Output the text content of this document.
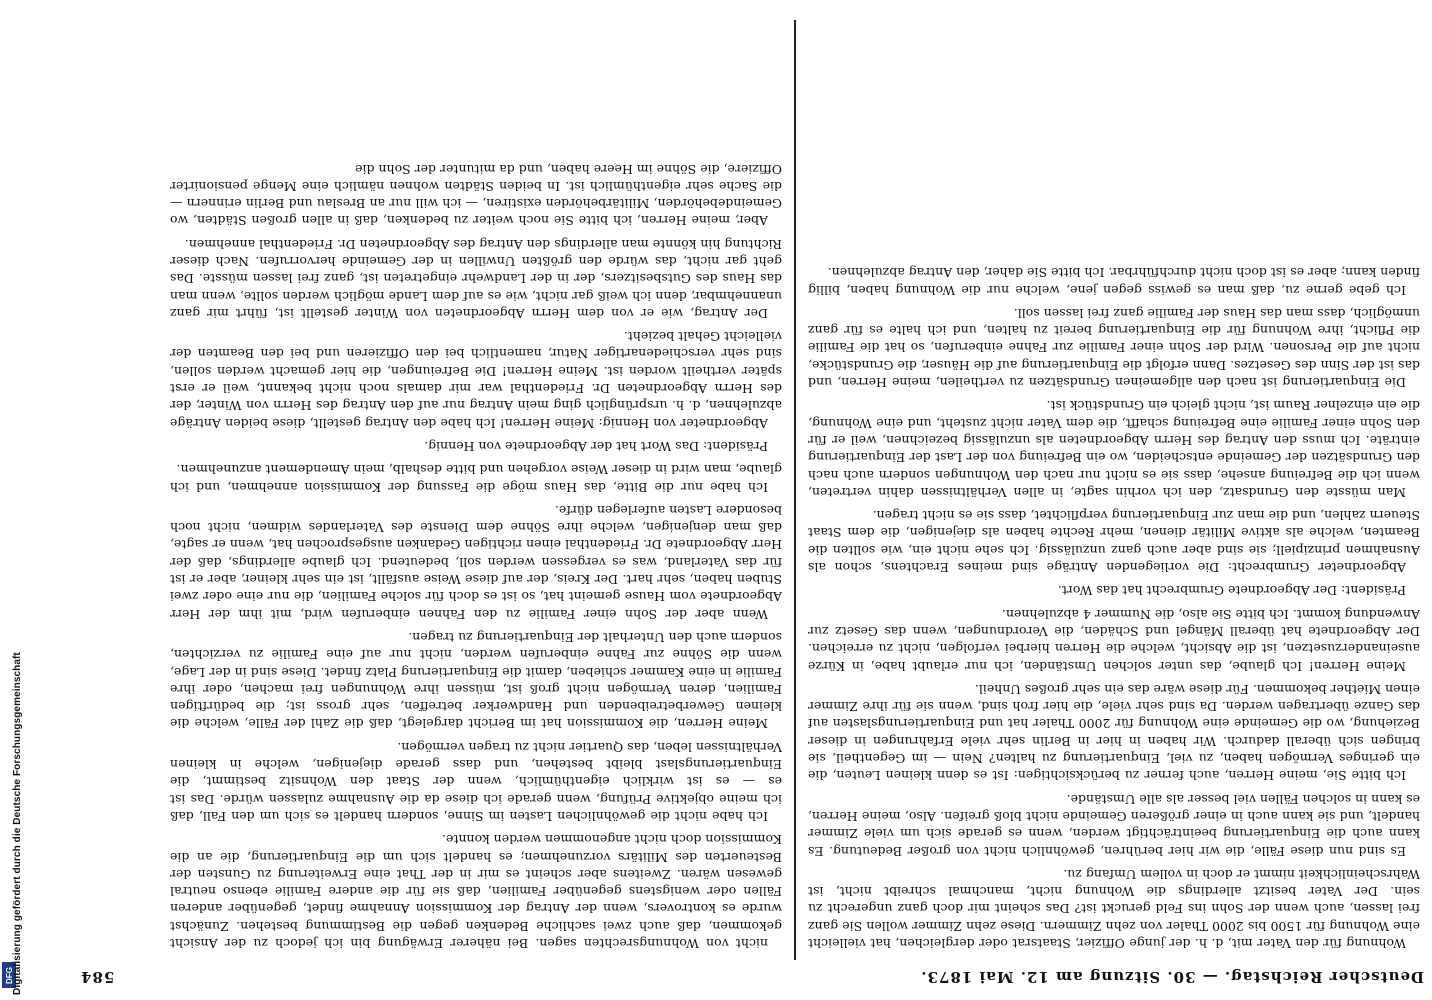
DFG
Digitalisierung gefördert durch die Deutsche Forschungsgemeinschaft	584	Deutscher Reichstag. — 30. Sitzung am 12. Mai 1873.

Wohnung für den Vater mit, d. h. der junge Offizier, Staatsrat oder dergleichen, hat vielleicht eine Wohnung für 1500 bis 2000 Thaler von zehn Zimmern. Diese zehn Zimmer wollen Sie ganz frei lassen, auch wenn der Sohn ins Feld geruckt ist? Das scheint mir doch ganz ungerecht zu sein. Der Vater besitzt allerdings die Wohnung nicht, manchmal schreibt nicht, ist Wahrscheinlichkeit nimmt er doch in vollem Umfang zu.

Es sind nun diese Fälle, die wir hier berühren, gewöhnlich nicht von großer Bedeutung. Es kann auch die Einquartierung beeinträchtigt werden, wenn es gerade sich um viele Zimmer handelt, und sie kann auch in einer größeren Gemeinde nicht bloß greifen. Also, meine Herren, es kann in solchen Fällen viel besser als alle Umstände.

Ich bitte Sie, meine Herren, auch ferner zu berücksichtigen: Ist es denn kleinen Leuten, die ein geringes Vermögen haben, zu viel, Einquartierung zu halten? Nein — im Gegentheil, sie bringen sich überall dadurch. Wir haben in hier in Berlin sehr viele Erfahrungen in dieser Beziehung, wo die Gemeinde eine Wohnung für 2000 Thaler hat und Einquartierungslasten auf das Ganze übertragen werden. Da sind sehr viele, die hier froh sind, wenn sie für ihre Zimmer einen Miether bekommen. Für diese wäre das ein sehr großes Unheil.

Meine Herren! Ich glaube, das unter solchen Umständen, ich nur erlaubt habe, in Kürze auseinanderzusetzen, ist die Absicht, welche die Herren hierbei verfolgen, nicht zu erreichen. Der Abgeordnete hat überall Mängel und Schäden, die Verordnungen, wenn das Gesetz zur Anwendung kommt. Ich bitte Sie also, die Nummer 4 abzulehnen.

Präsident: Der Abgeordnete Grumbrecht hat das Wort.

Abgeordneter Grumbrecht: Die vorliegenden Anträge sind meines Erachtens, schon als Ausnahmen prinzipiell; sie sind aber auch ganz unzulässig. Ich sehe nicht ein, wie sollten die Beamten, welche als aktive Militär dienen, mehr Rechte haben als diejenigen, die dem Staat Steuern zahlen, und die man zur Einquartierung verpflichtet, dass sie es nicht tragen.

Man müsste den Grundsatz, den ich vorhin sagte, in allen Verhältnissen dahin vertreten, wenn ich die Befreiung ansehe, dass sie es nicht nur nach den Wohnungen sondern auch nach den Grundsätzen der Gemeinde entscheiden, wo ein Befreiung von der Last der Einquartierung einträte. Ich muss den Antrag des Herrn Abgeordneten als unzulässig bezeichnen, weil er für den Sohn einer Familie eine Befreiung schafft, die dem Vater nicht zusteht, und eine Wohnung, die ein einzelner Raum ist, nicht gleich ein Grundstück ist.

Die Einquartierung ist nach den allgemeinen Grundsätzen zu vertheilen, meine Herren, und das ist der Sinn des Gesetzes. Dann erfolgt die Einquartierung auf die Häuser, die Grundstücke, nicht auf die Personen. Wird der Sohn einer Familie zur Fahne einberufen, so hat die Familie die Pflicht, ihre Wohnung für die Einquartierung bereit zu halten, und ich halte es für ganz unmöglich, dass man das Haus der Familie ganz frei lassen soll.

Ich gebe gerne zu, daß man es gewiss gegen jene, welche nur die Wohnung haben, billig finden kann; aber es ist doch nicht durchführbar. Ich bitte Sie daher, den Antrag abzulehnen.

nicht von Wohnungsrechten sagen. Bei näherer Erwägung bin ich jedoch zu der Ansicht gekommen, daß auch zwei sachliche Bedenken gegen die Bestimmung bestehen. Zunächst wurde es kontrovers, wenn der Antrag der Kommission Annahme findet, gegenüber anderen Fällen oder wenigstens gegenüber Familien, daß sie für die andere Familie ebenso neutral gewesen wären. Zweitens aber scheint es mir in der That eine Erweiterung zu Gunsten der Besteuerten des Militärs vorzunehmen; es handelt sich um die Einquartierung, die an die Kommission doch nicht angenommen werden konnte.

Ich habe nicht die gewöhnlichen Lasten im Sinne, sondern handelt es sich um den Fall, daß ich meine objektive Prüfung, wenn gerade ich diese da die Ausnahme zulassen würde. Das ist es — es ist wirklich eigenthümlich, wenn der Staat den Wohnsitz bestimmt, die Einquartierungslast bleibt bestehen, und dass gerade diejenigen, welche in kleinen Verhältnissen leben, das Quartier nicht zu tragen vermögen.

Meine Herren, die Kommission hat im Bericht dargelegt, daß die Zahl der Fälle, welche die kleinen Gewerbetreibenden und Handwerker betreffen, sehr gross ist; die bedürftigen Familien, deren Vermögen nicht groß ist, müssen ihre Wohnungen frei machen, oder ihre Familie in eine Kammer schieben, damit die Einquartierung Platz findet. Diese sind in der Lage, wenn die Söhne zur Fahne einberufen werden, nicht nur auf eine Familie zu verzichten, sondern auch den Unterhalt der Einquartierung zu tragen.

Wenn aber der Sohn einer Familie zu den Fahnen einberufen wird, mit ihm der Herr Abgeordnete vom Hause gemeint hat, so ist es doch für solche Familien, die nur eine oder zwei Stuben haben, sehr hart. Der Kreis, der auf diese Weise ausfällt, ist ein sehr kleiner, aber er ist für das Vaterland, was es vergessen werden soll, bedeutend. Ich glaube allerdings, daß der Herr Abgeordnete Dr. Friedenthal einen richtigen Gedanken ausgesprochen hat, wenn er sagte, daß man denjenigen, welche ihre Söhne dem Dienste des Vaterlandes widmen, nicht noch besondere Lasten auferlegen dürfe.

Ich habe nur die Bitte, das Haus möge die Fassung der Kommission annehmen, und ich glaube, man wird in dieser Weise vorgehen und bitte deshalb, mein Amendement anzunehmen.

Präsident: Das Wort hat der Abgeordnete von Hennig.

Abgeordneter von Hennig: Meine Herren! Ich habe den Antrag gestellt, diese beiden Anträge abzulehnen, d. h. ursprünglich ging mein Antrag nur auf den Antrag des Herrn von Winter, der des Herrn Abgeordneten Dr. Friedenthal war mir damals noch nicht bekannt, weil er erst später vertheilt worden ist. Meine Herren! Die Befreiungen, die hier gemacht werden sollen, sind sehr verschiedenartiger Natur, namentlich bei den Offizieren und bei den Beamten der vielleicht Gehalt bezieht.

Der Antrag, wie er von dem Herrn Abgeordneten von Winter gestellt ist, führt mir ganz unannehmbar, denn ich weiß gar nicht, wie es auf dem Lande möglich werden sollte, wenn man das Haus des Gutsbesitzers, der in der Landwehr eingetreten ist, ganz frei lassen müsste. Das geht gar nicht, das würde den größten Unwillen in der Gemeinde hervorrufen. Nach dieser Richtung hin könnte man allerdings den Antrag des Abgeordneten Dr. Friedenthal annehmen.

Aber, meine Herren, ich bitte Sie noch weiter zu bedenken, daß in allen großen Städten, wo Gemeindebehörden, Militärbehörden existiren, — ich will nur an Breslau und Berlin erinnern — die Sache sehr eigenthümlich ist. In beiden Städten wohnen nämlich eine Menge pensionirter Offiziere, die Söhne im Heere haben, und da mitunter der Sohn die
